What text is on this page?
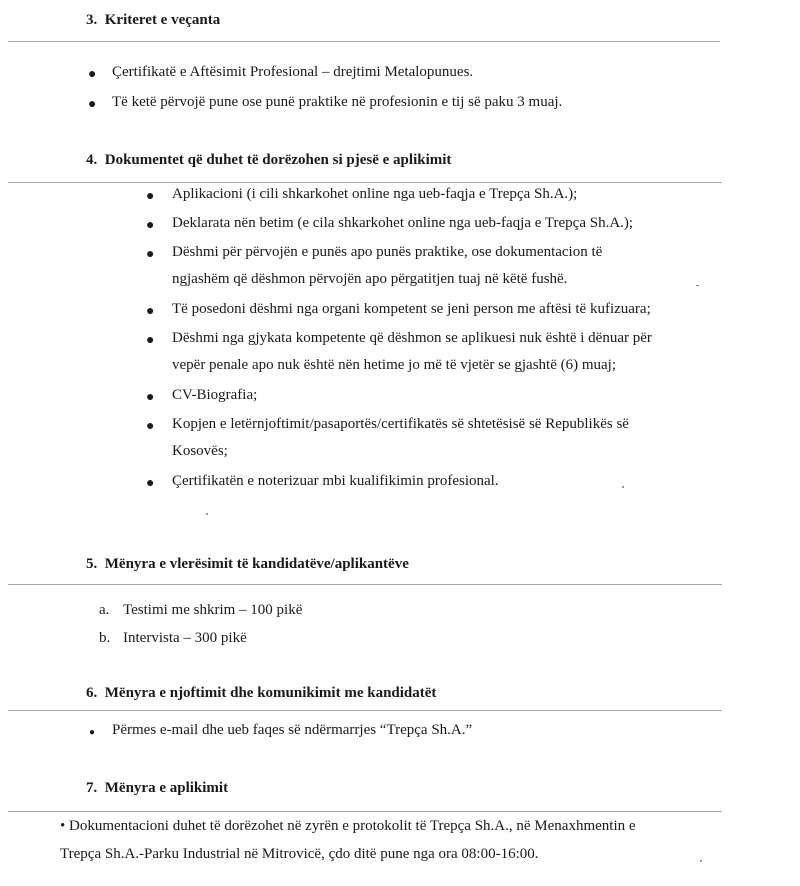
3.  Kriteret e veçanta
● Çertifikatë e Aftësimit Profesional – drejtimi Metalopunues.
● Të ketë përvojë pune ose punë praktike në profesionin e tij së paku 3 muaj.
4.  Dokumentet që duhet të dorëzohen si pjesë e aplikimit
● Aplikacioni (i cili shkarkohet online nga ueb-faqja e Trepça Sh.A.);
● Deklarata nën betim (e cila shkarkohet online nga ueb-faqja e Trepça Sh.A.);
● Dëshmi për përvojën e punës apo punës praktike, ose dokumentacion të
ngjashëm që dëshmon përvojën apo përgatitjen tuaj në këtë fushë.
● Të posedoni dëshmi nga organi kompetent se jeni person me aftësi të kufizuara;
● Dëshmi nga gjykata kompetente që dëshmon se aplikuesi nuk është i dënuar për
vepër penale apo nuk është nën hetime jo më të vjetër se gjashtë (6) muaj;
● CV-Biografia;
● Kopjen e letërnjoftimit/pasaportës/certifikatës së shtetësisë së Republikës së
Kosovës;
● Çertifikatën e noterizuar mbi kualifikimin profesional.
5.  Mënyra e vlerësimit të kandidatëve/aplikantëve
a. Testimi me shkrim – 100 pikë
b. Intervista – 300 pikë
6.  Mënyra e njoftimit dhe komunikimit me kandidatët
● Përmes e-mail dhe ueb faqes së ndërmarrjes “Trepça Sh.A.”
7.  Mënyra e aplikimit
• Dokumentacioni duhet të dorëzohet në zyrën e protokolit të Trepça Sh.A., në Menaxhmentin e
Trepça Sh.A.-Parku Industrial në Mitrovicë, çdo ditë pune nga ora 08:00-16:00.
